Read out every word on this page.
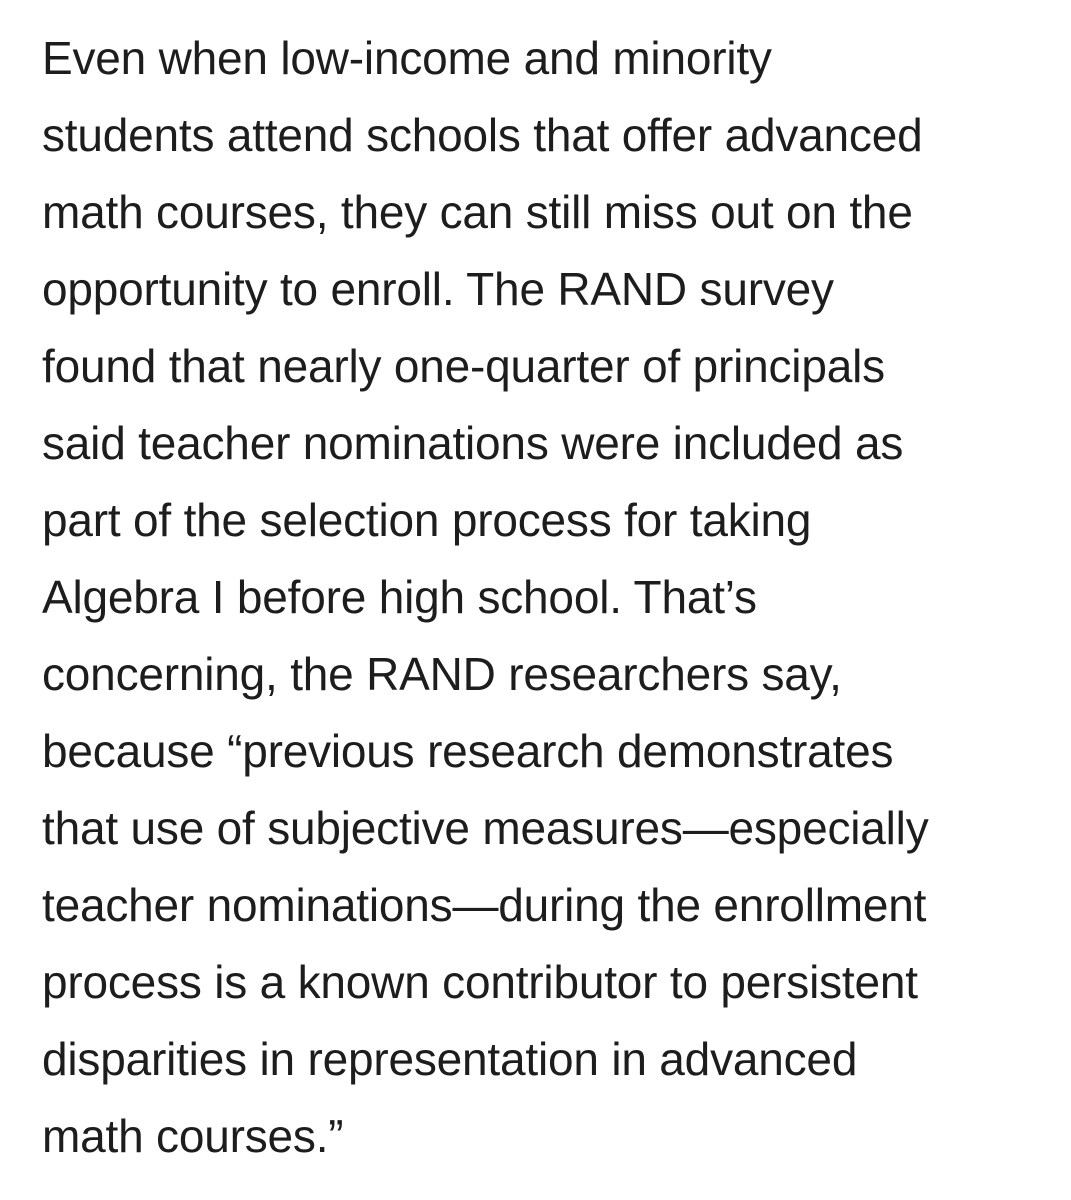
Even when low-income and minority
students attend schools that offer advanced
math courses, they can still miss out on the
opportunity to enroll. The RAND survey
found that nearly one-quarter of principals
said teacher nominations were included as
part of the selection process for taking
Algebra I before high school. That’s
concerning, the RAND researchers say,
because “previous research demonstrates
that use of subjective measures—especially
teacher nominations—during the enrollment
process is a known contributor to persistent
disparities in representation in advanced
math courses.”
